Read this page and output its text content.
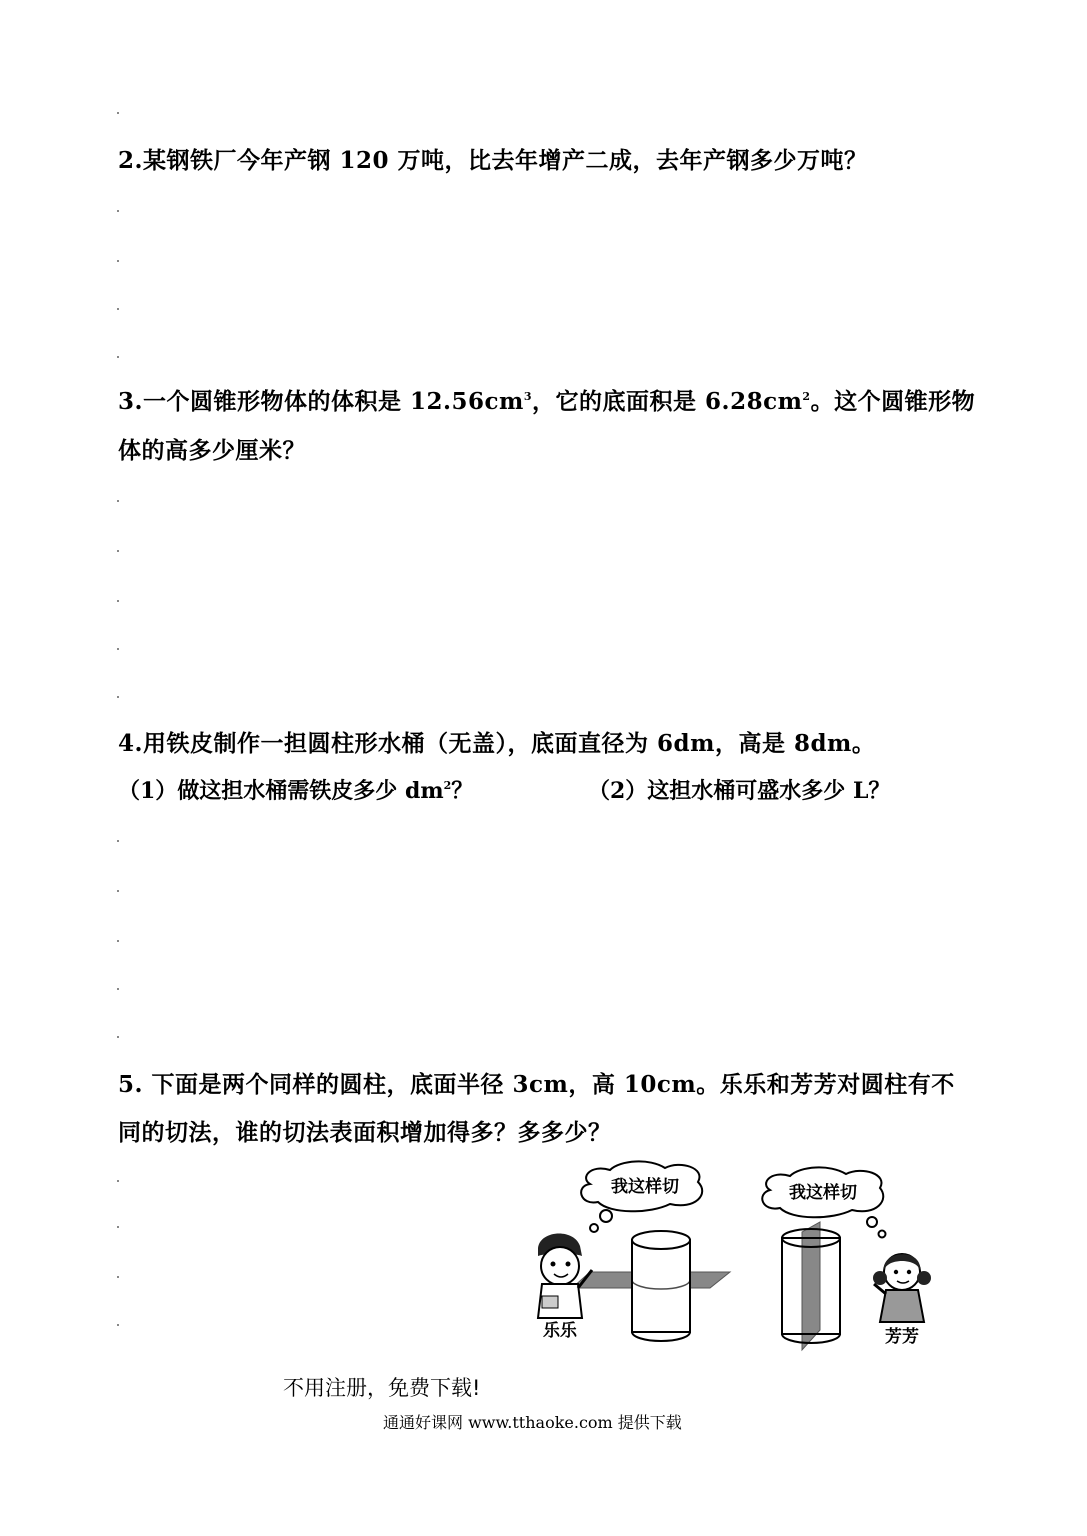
2.某钢铁厂今年产钢 120 万吨，比去年增产二成，去年产钢多少万吨？
3.一个圆锥形物体的体积是 $12.56cm^3$，它的底面积是 $6.28cm^2$。这个圆锥形物
体的高多少厘米？
4.用铁皮制作一担圆柱形水桶（无盖），底面直径为 6dm，高是 8dm。
（1）做这担水桶需铁皮多少 $dm^2$？	（2）这担水桶可盛水多少 L？
5. 下面是两个同样的圆柱，底面半径 3cm，高 10cm。乐乐和芳芳对圆柱有不
同的切法，谁的切法表面积增加得多？多多少？
我这样切	我这样切
乐乐	芳芳
不用注册，免费下载!
通通好课网 www.tthaoke.com 提供下载
